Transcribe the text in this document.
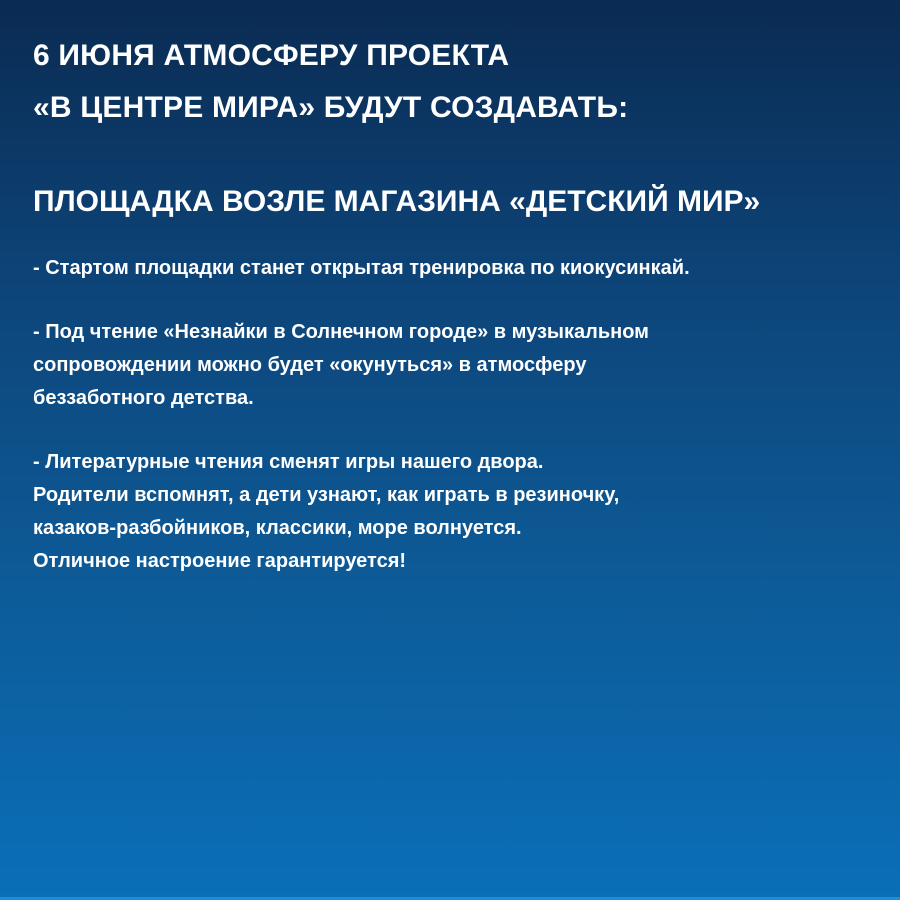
6 ИЮНЯ АТМОСФЕРУ ПРОЕКТА
«В ЦЕНТРЕ МИРА» БУДУТ СОЗДАВАТЬ:
ПЛОЩАДКА ВОЗЛЕ МАГАЗИНА «ДЕТСКИЙ МИР»

- Стартом площадки станет открытая тренировка по киокусинкай.

- Под чтение «Незнайки в Солнечном городе» в музыкальном
сопровождении можно будет «окунуться» в атмосферу
беззаботного детства.

- Литературные чтения сменят игры нашего двора.
Родители вспомнят, а дети узнают, как играть в резиночку,
казаков-разбойников, классики, море волнуется.
Отличное настроение гарантируется!
